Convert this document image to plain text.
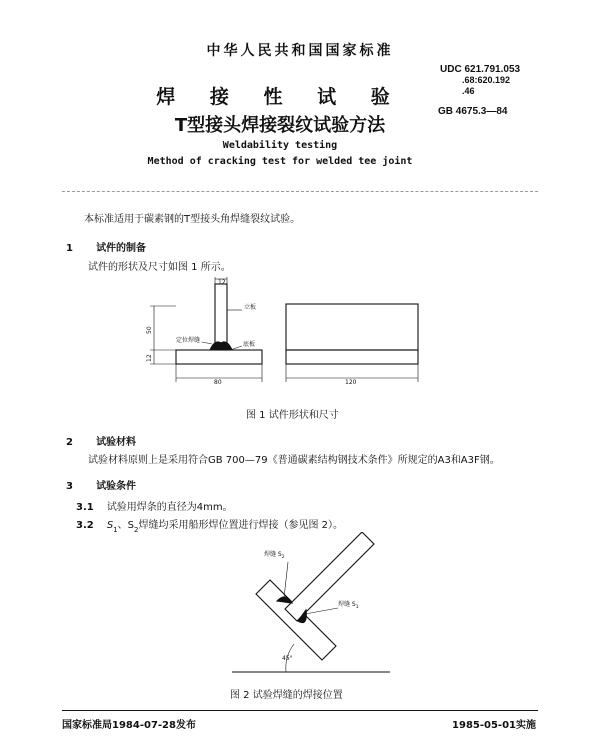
中华人民共和国国家标准
焊 接 性 试 验
T型接头焊接裂纹试验方法
Weldability testing
Method of cracking test for welded tee joint
UDC 621.791.053
.68:620.192
.46
GB 4675.3—84
本标准适用于碳素钢的T型接头角焊缝裂纹试验。
1 试件的制备
试件的形状及尺寸如图 1 所示。
12
立板
底板
定位焊缝
50
12
80	120
图 1 试件形状和尺寸
2 试验材料
试验材料原则上是采用符合GB 700—79《普通碳素结构钢技术条件》所规定的A3和A3F钢。
3 试验条件
3.1 试验用焊条的直径为4mm。
3.2 $S_1$、$S_2$焊缝均采用船形焊位置进行焊接（参见图 2）。
焊缝 $S_2$
焊缝 $S_1$
45°
图 2 试验焊缝的焊接位置
国家标准局1984-07-28发布	1985-05-01实施
